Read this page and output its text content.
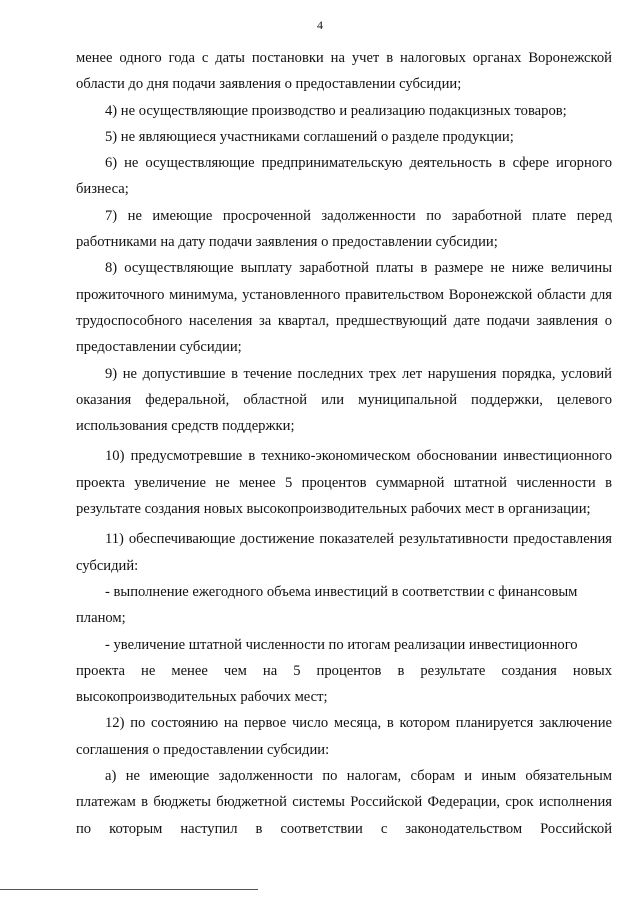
4

менее одного года с даты постановки на учет в налоговых органах Воронежской области до дня подачи заявления о предоставлении субсидии;

4) не осуществляющие производство и реализацию подакцизных товаров;

5) не являющиеся участниками соглашений о разделе продукции;

6) не осуществляющие предпринимательскую деятельность в сфере игорного бизнеса;

7) не имеющие просроченной задолженности по заработной плате перед работниками на дату подачи заявления о предоставлении субсидии;

8) осуществляющие выплату заработной платы в размере не ниже величины прожиточного минимума, установленного правительством Воронежской области для трудоспособного населения за квартал, предшествующий дате подачи заявления о предоставлении субсидии;

9) не допустившие в течение последних трех лет нарушения порядка, условий оказания федеральной, областной или муниципальной поддержки, целевого использования средств поддержки;

10) предусмотревшие в технико-экономическом обосновании инвестиционного проекта увеличение не менее 5 процентов суммарной штатной численности в результате создания новых высокопроизводительных рабочих мест в организации;

11) обеспечивающие достижение показателей результативности предоставления субсидий:

- выполнение ежегодного объема инвестиций в соответствии с финансовым
планом;

- увеличение штатной численности по итогам реализации инвестиционного
проекта не менее чем на 5 процентов в результате создания новых высокопроизводительных рабочих мест;

12) по состоянию на первое число месяца, в котором планируется заключение соглашения о предоставлении субсидии:

а) не имеющие задолженности по налогам, сборам и иным обязательным платежам в бюджеты бюджетной системы Российской Федерации, срок исполнения по которым наступил в соответствии с законодательством Российской
